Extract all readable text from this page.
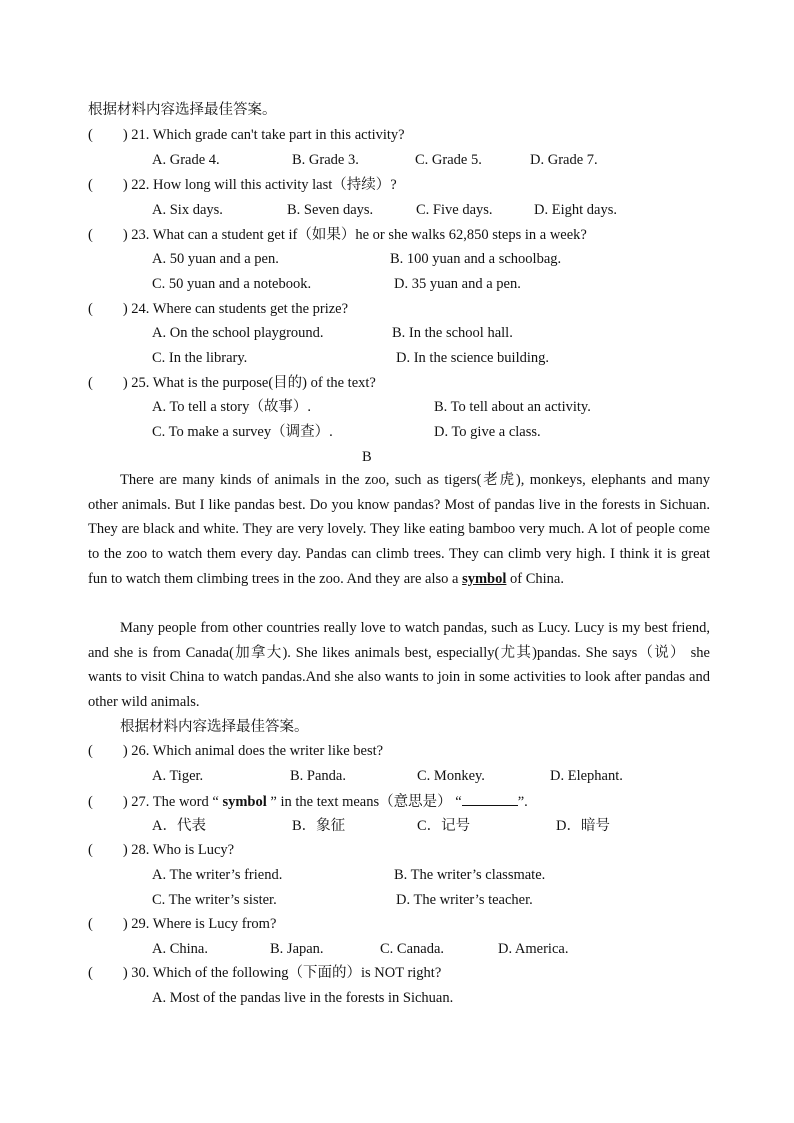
根据材料内容选择最佳答案。
( ) 21. Which grade can't take part in this activity?
A. Grade 4.	B. Grade 3.	C. Grade 5.	D. Grade 7.
( ) 22. How long will this activity last（持续）?
A. Six days.	B. Seven days.	C. Five days.	D. Eight days.
( ) 23. What can a student get if（如果）he or she walks 62,850 steps in a week?
A. 50 yuan and a pen.	B. 100 yuan and a schoolbag.
C. 50 yuan and a notebook.	D. 35 yuan and a pen.
( ) 24. Where can students get the prize?
A. On the school playground.	B. In the school hall.
C. In the library.	D. In the science building.
( ) 25. What is the purpose(目的) of the text?
A. To tell a story（故事）.	B. To tell about an activity.
C. To make a survey（调查）.	D. To give a class.
B
There are many kinds of animals in the zoo, such as tigers(老虎), monkeys, elephants and many other animals. But I like pandas best. Do you know pandas? Most of pandas live in the forests in Sichuan. They are black and white. They are very lovely. They like eating bamboo very much. A lot of people come to the zoo to watch them every day. Pandas can climb trees. They can climb very high. I think it is great fun to watch them climbing trees in the zoo. And they are also a symbol of China.
Many people from other countries really love to watch pandas, such as Lucy. Lucy is my best friend, and she is from Canada(加拿大). She likes animals best, especially(尤其)pandas. She says（说） she wants to visit China to watch pandas.And she also wants to join in some activities to look after pandas and other wild animals.
根据材料内容选择最佳答案。
( ) 26. Which animal does the writer like best?
A. Tiger.	B. Panda.	C. Monkey.	D. Elephant.
( ) 27. The word “ symbol ” in the text means（意思是） “	”.
A．代表	B．象征	C．记号	D．暗号
( ) 28. Who is Lucy?
A. The writer’s friend.	B. The writer’s classmate.
C. The writer’s sister.	D. The writer’s teacher.
( ) 29. Where is Lucy from?
A. China.	B. Japan.	C. Canada.	D. America.
( ) 30. Which of the following（下面的）is NOT right?
A. Most of the pandas live in the forests in Sichuan.
